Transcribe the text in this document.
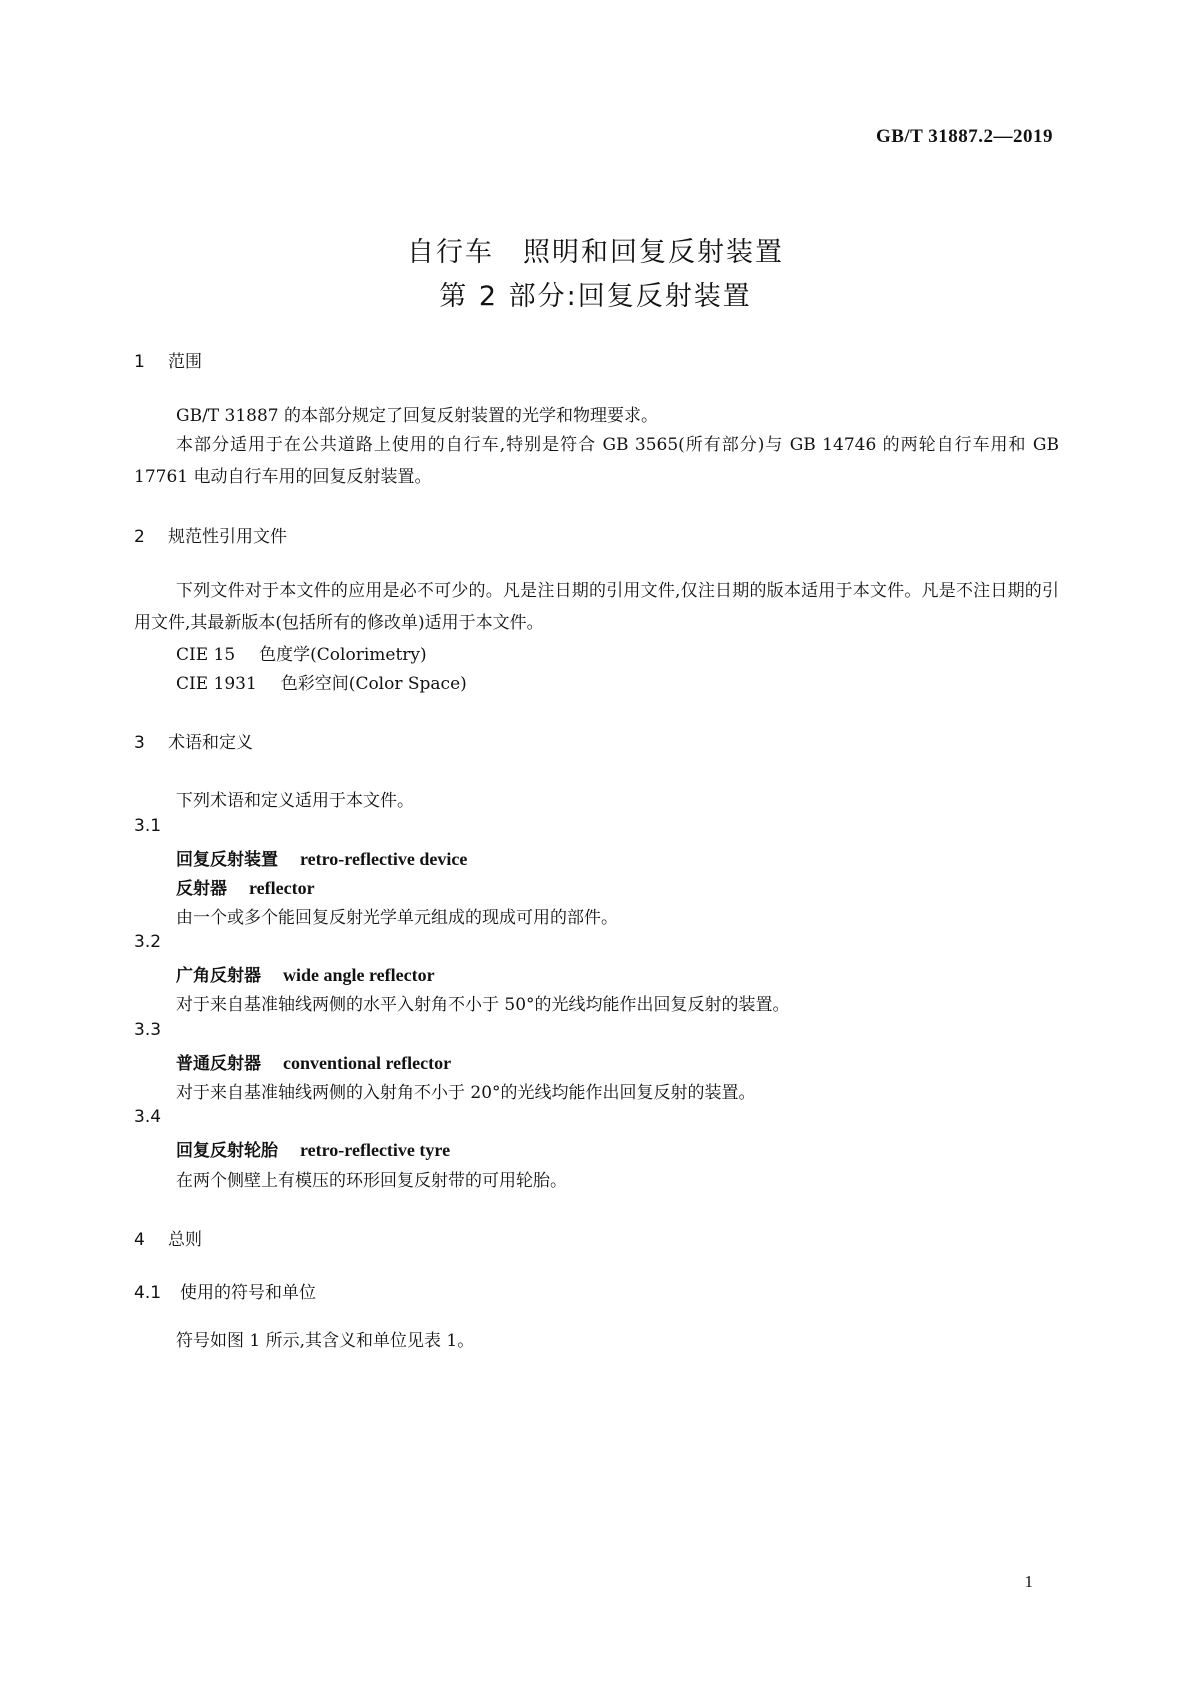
GB/T 31887.2—2019
自行车　照明和回复反射装置
第 2 部分:回复反射装置
1 范围
GB/T 31887 的本部分规定了回复反射装置的光学和物理要求。
本部分适用于在公共道路上使用的自行车,特别是符合 GB 3565(所有部分)与 GB 14746 的两轮自行车用和 GB 17761 电动自行车用的回复反射装置。
2 规范性引用文件
下列文件对于本文件的应用是必不可少的。凡是注日期的引用文件,仅注日期的版本适用于本文件。凡是不注日期的引用文件,其最新版本(包括所有的修改单)适用于本文件。
CIE 15 色度学(Colorimetry)
CIE 1931 色彩空间(Color Space)
3 术语和定义
下列术语和定义适用于本文件。
3.1
回复反射装置 retro-reflective device
反射器 reflector
由一个或多个能回复反射光学单元组成的现成可用的部件。
3.2
广角反射器 wide angle reflector
对于来自基准轴线两侧的水平入射角不小于 50°的光线均能作出回复反射的装置。
3.3
普通反射器 conventional reflector
对于来自基准轴线两侧的入射角不小于 20°的光线均能作出回复反射的装置。
3.4
回复反射轮胎 retro-reflective tyre
在两个侧壁上有模压的环形回复反射带的可用轮胎。
4 总则
4.1 使用的符号和单位
符号如图 1 所示,其含义和单位见表 1。
1
